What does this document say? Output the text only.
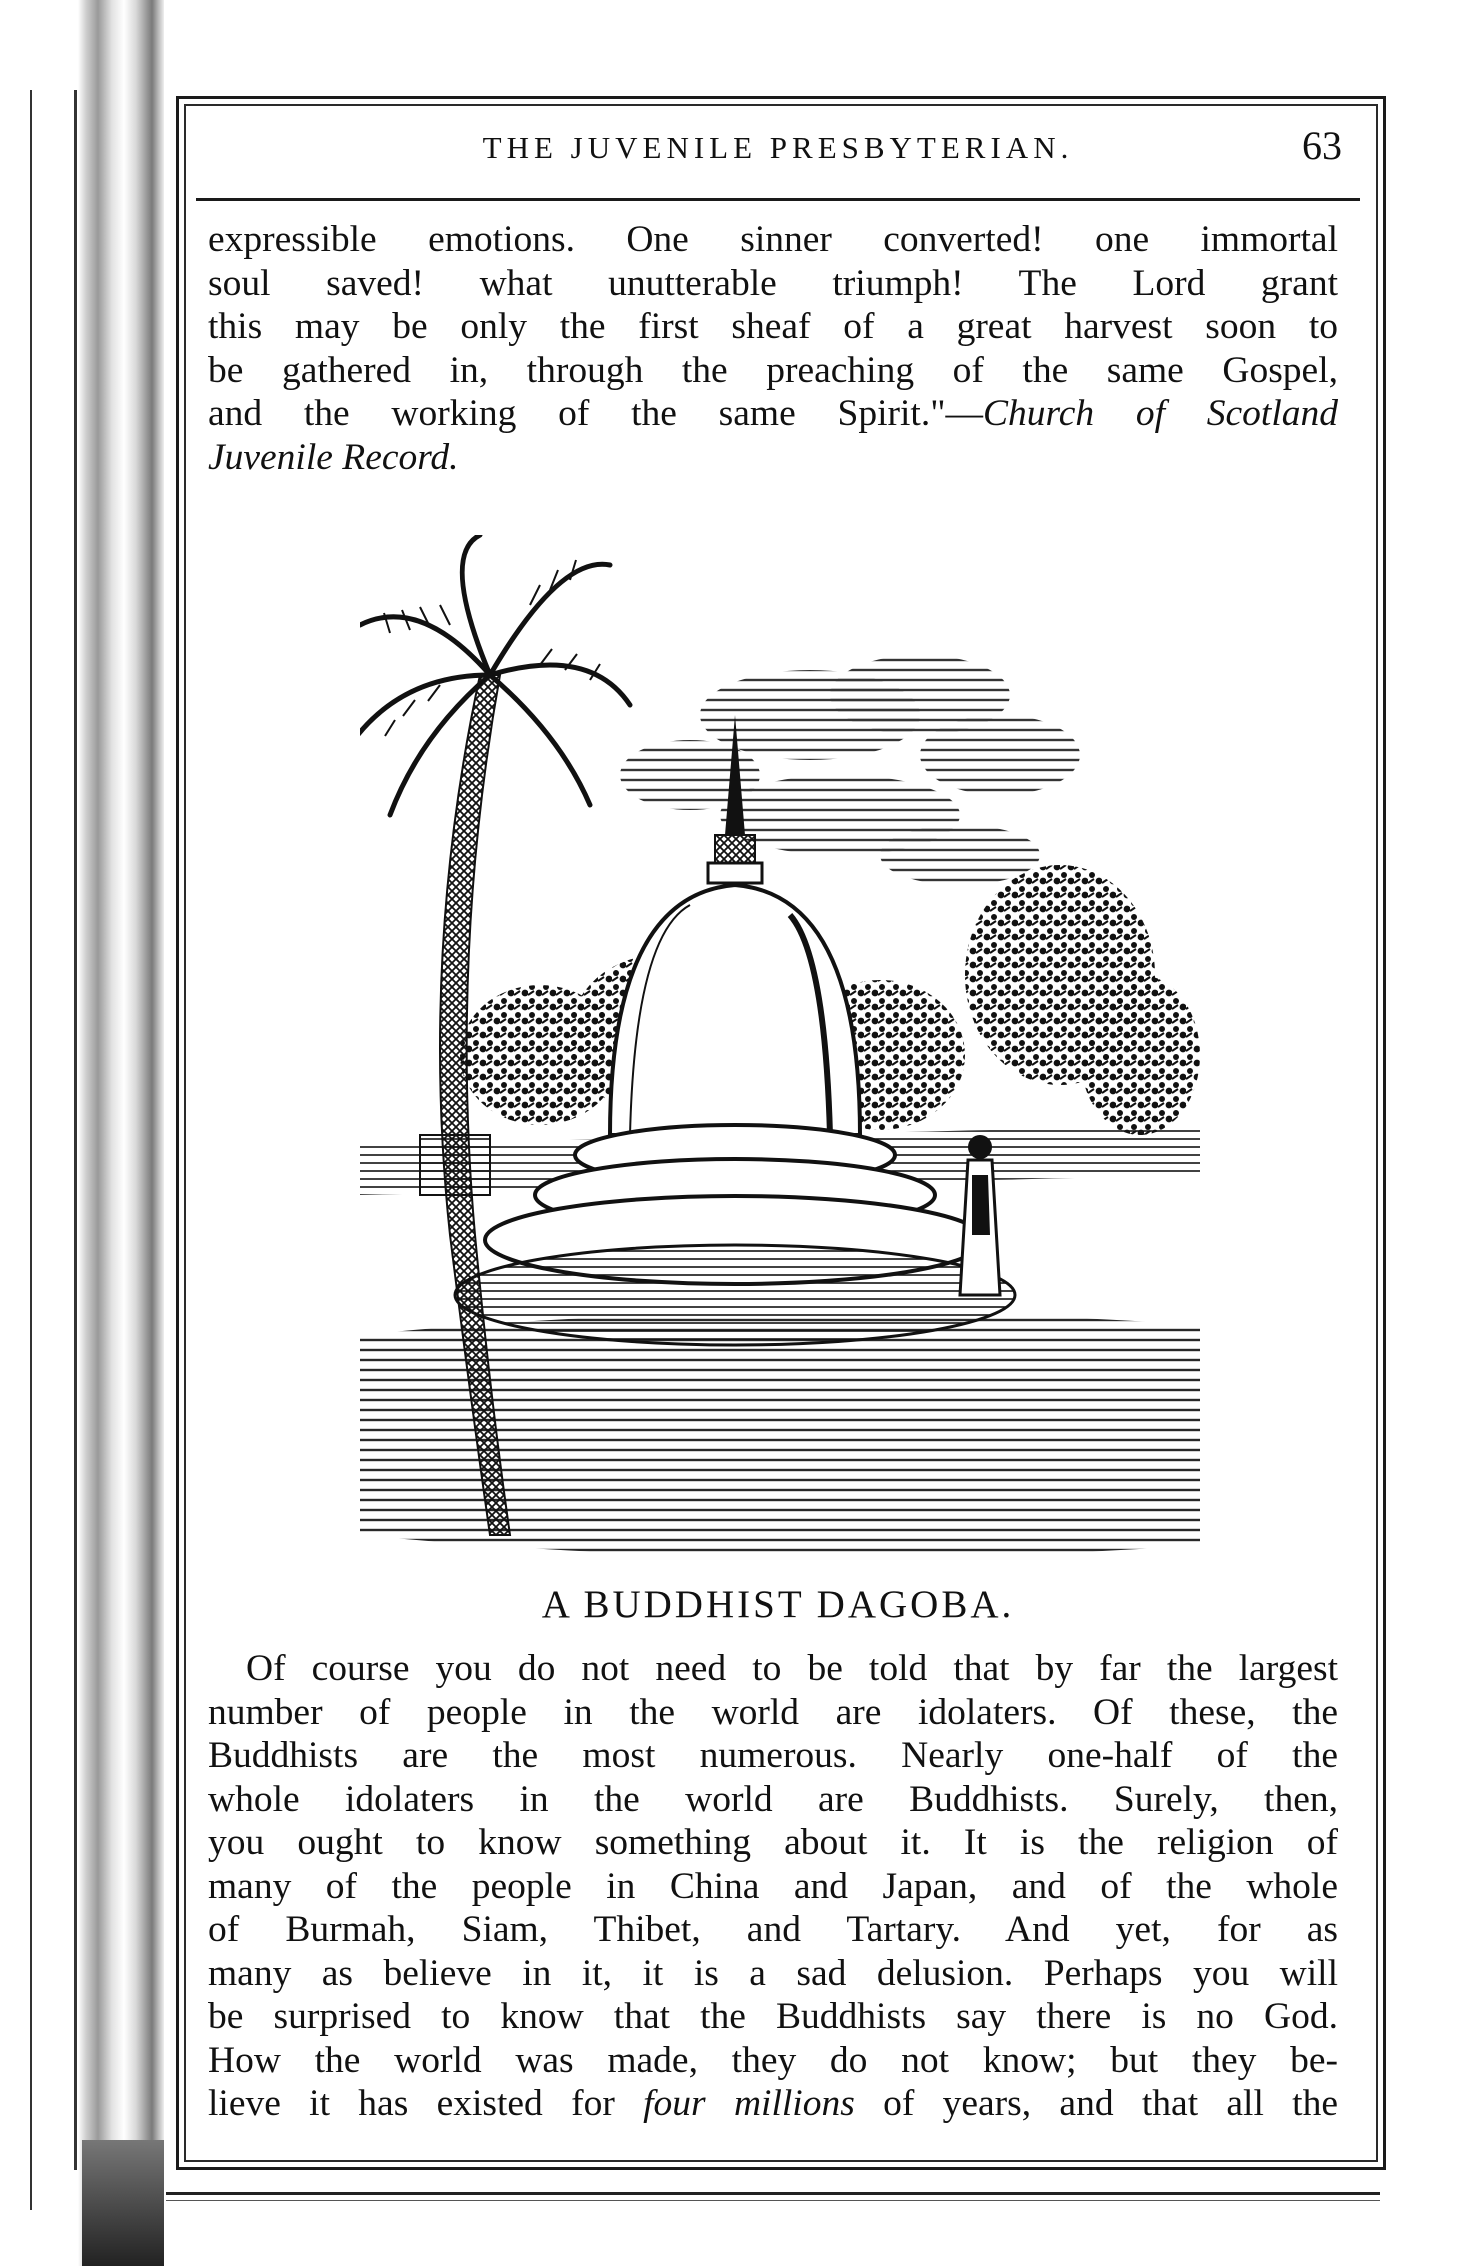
THE JUVENILE PRESBYTERIAN.	63
expressible emotions. One sinner converted! one immortal
soul saved! what unutterable triumph! The Lord grant
this may be only the first sheaf of a great harvest soon to
be gathered in, through the preaching of the same Gospel,
and the working of the same Spirit."—Church of Scotland
Juvenile Record.
A BUDDHIST DAGOBA.
Of course you do not need to be told that by far the largest
number of people in the world are idolaters. Of these, the
Buddhists are the most numerous. Nearly one-half of the
whole idolaters in the world are Buddhists. Surely, then,
you ought to know something about it. It is the religion of
many of the people in China and Japan, and of the whole
of Burmah, Siam, Thibet, and Tartary. And yet, for as
many as believe in it, it is a sad delusion. Perhaps you will
be surprised to know that the Buddhists say there is no God.
How the world was made, they do not know; but they be-
lieve it has existed for four millions of years, and that all the
